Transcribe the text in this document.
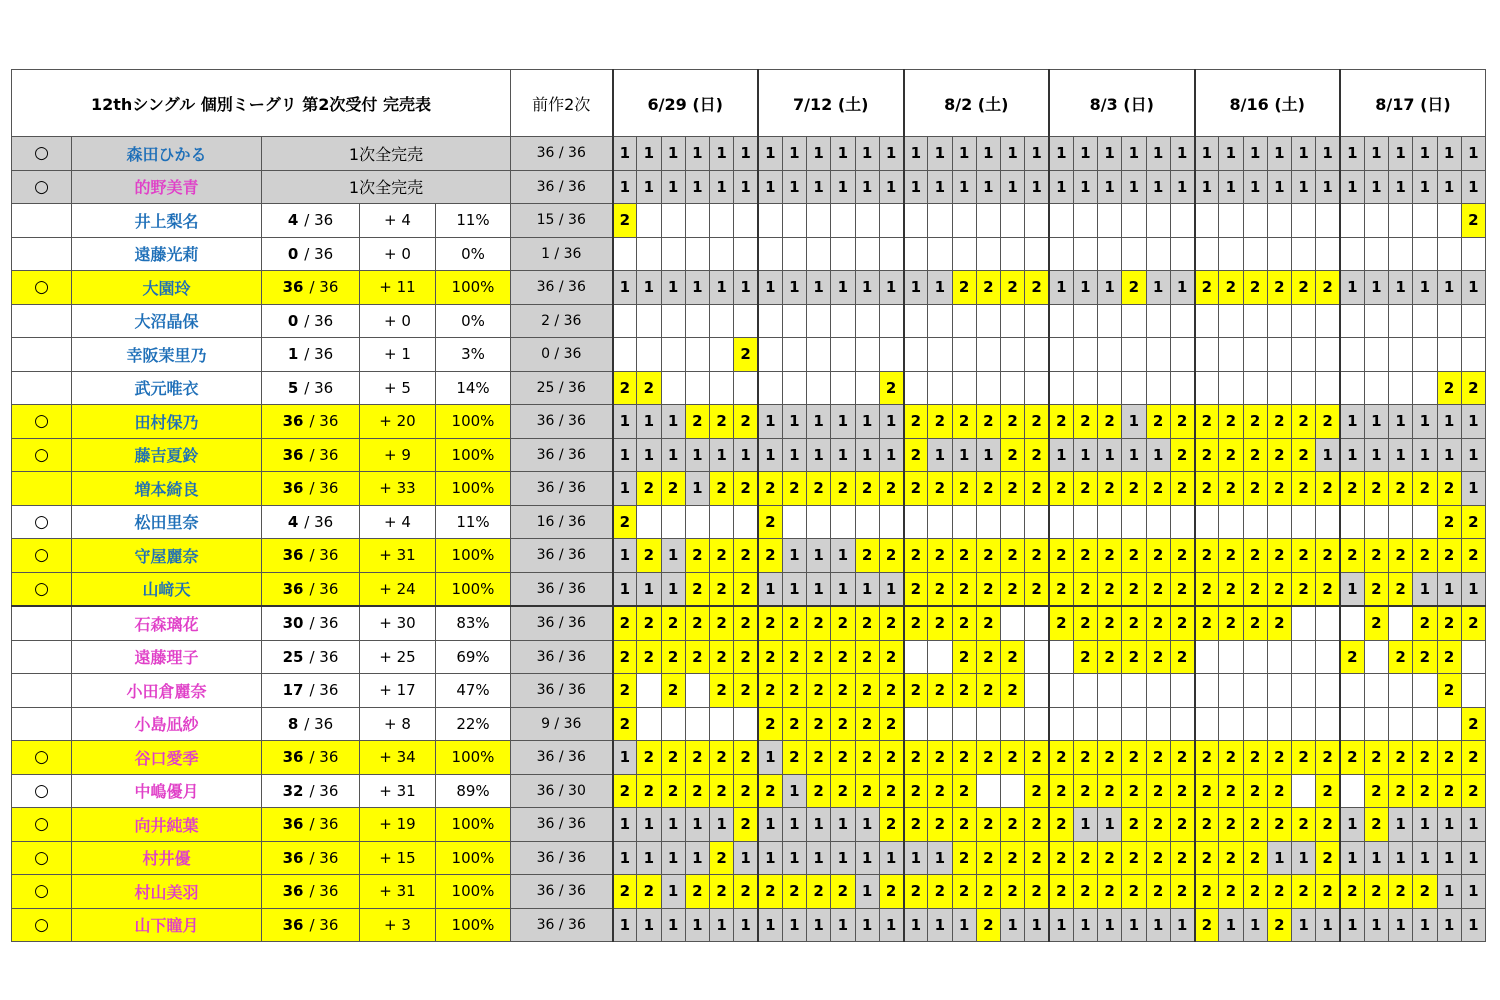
12thシングル 個別ミーグリ 第2次受付 完売表					前作2次	6/29 (日)						7/12 (土)						8/2 (土)						8/3 (日)						8/16 (土)						8/17 (日)					
○	森田ひかる	1次全完売			36 / 36	1	1	1	1	1	1	1	1	1	1	1	1	1	1	1	1	1	1	1	1	1	1	1	1	1	1	1	1	1	1	1	1	1	1	1	1
○	的野美青	1次全完売			36 / 36	1	1	1	1	1	1	1	1	1	1	1	1	1	1	1	1	1	1	1	1	1	1	1	1	1	1	1	1	1	1	1	1	1	1	1	1
	井上梨名	4 / 36	+ 4	11%	15 / 36	2																																			2
	遠藤光莉	0 / 36	+ 0	0%	1 / 36																																				
○	大園玲	36 / 36	+ 11	100%	36 / 36	1	1	1	1	1	1	1	1	1	1	1	1	1	1	2	2	2	2	1	1	1	2	1	1	2	2	2	2	2	2	1	1	1	1	1	1
	大沼晶保	0 / 36	+ 0	0%	2 / 36																																				
	幸阪茉里乃	1 / 36	+ 1	3%	0 / 36						2																														
	武元唯衣	5 / 36	+ 5	14%	25 / 36	2	2										2																							2	2
○	田村保乃	36 / 36	+ 20	100%	36 / 36	1	1	1	2	2	2	1	1	1	1	1	1	2	2	2	2	2	2	2	2	2	1	2	2	2	2	2	2	2	2	1	1	1	1	1	1
○	藤吉夏鈴	36 / 36	+ 9	100%	36 / 36	1	1	1	1	1	1	1	1	1	1	1	1	2	1	1	1	2	2	1	1	1	1	1	2	2	2	2	2	2	1	1	1	1	1	1	1
	増本綺良	36 / 36	+ 33	100%	36 / 36	1	2	2	1	2	2	2	2	2	2	2	2	2	2	2	2	2	2	2	2	2	2	2	2	2	2	2	2	2	2	2	2	2	2	2	1
○	松田里奈	4 / 36	+ 4	11%	16 / 36	2						2																												2	2
○	守屋麗奈	36 / 36	+ 31	100%	36 / 36	1	2	1	2	2	2	2	1	1	1	2	2	2	2	2	2	2	2	2	2	2	2	2	2	2	2	2	2	2	2	2	2	2	2	2	2
○	山﨑天	36 / 36	+ 24	100%	36 / 36	1	1	1	2	2	2	1	1	1	1	1	1	2	2	2	2	2	2	2	2	2	2	2	2	2	2	2	2	2	2	1	2	2	1	1	1
	石森璃花	30 / 36	+ 30	83%	36 / 36	2	2	2	2	2	2	2	2	2	2	2	2	2	2	2	2			2	2	2	2	2	2	2	2	2	2				2		2	2	2
	遠藤理子	25 / 36	+ 25	69%	36 / 36	2	2	2	2	2	2	2	2	2	2	2	2			2	2	2			2	2	2	2	2							2		2	2	2	
	小田倉麗奈	17 / 36	+ 17	47%	36 / 36	2		2		2	2	2	2	2	2	2	2	2	2	2	2	2																		2	
	小島凪紗	8 / 36	+ 8	22%	9 / 36	2						2	2	2	2	2	2																								2
○	谷口愛季	36 / 36	+ 34	100%	36 / 36	1	2	2	2	2	2	1	2	2	2	2	2	2	2	2	2	2	2	2	2	2	2	2	2	2	2	2	2	2	2	2	2	2	2	2	2
○	中嶋優月	32 / 36	+ 31	89%	36 / 30	2	2	2	2	2	2	2	1	2	2	2	2	2	2	2			2	2	2	2	2	2	2	2	2	2	2		2		2	2	2	2	2
○	向井純葉	36 / 36	+ 19	100%	36 / 36	1	1	1	1	1	2	1	1	1	1	1	2	2	2	2	2	2	2	2	1	1	2	2	2	2	2	2	2	2	2	1	2	1	1	1	1
○	村井優	36 / 36	+ 15	100%	36 / 36	1	1	1	1	2	1	1	1	1	1	1	1	1	1	2	2	2	2	2	2	2	2	2	2	2	2	2	1	1	2	1	1	1	1	1	1
○	村山美羽	36 / 36	+ 31	100%	36 / 36	2	2	1	2	2	2	2	2	2	2	1	2	2	2	2	2	2	2	2	2	2	2	2	2	2	2	2	2	2	2	2	2	2	2	1	1
○	山下瞳月	36 / 36	+ 3	100%	36 / 36	1	1	1	1	1	1	1	1	1	1	1	1	1	1	1	2	1	1	1	1	1	1	1	1	2	1	1	2	1	1	1	1	1	1	1	1
